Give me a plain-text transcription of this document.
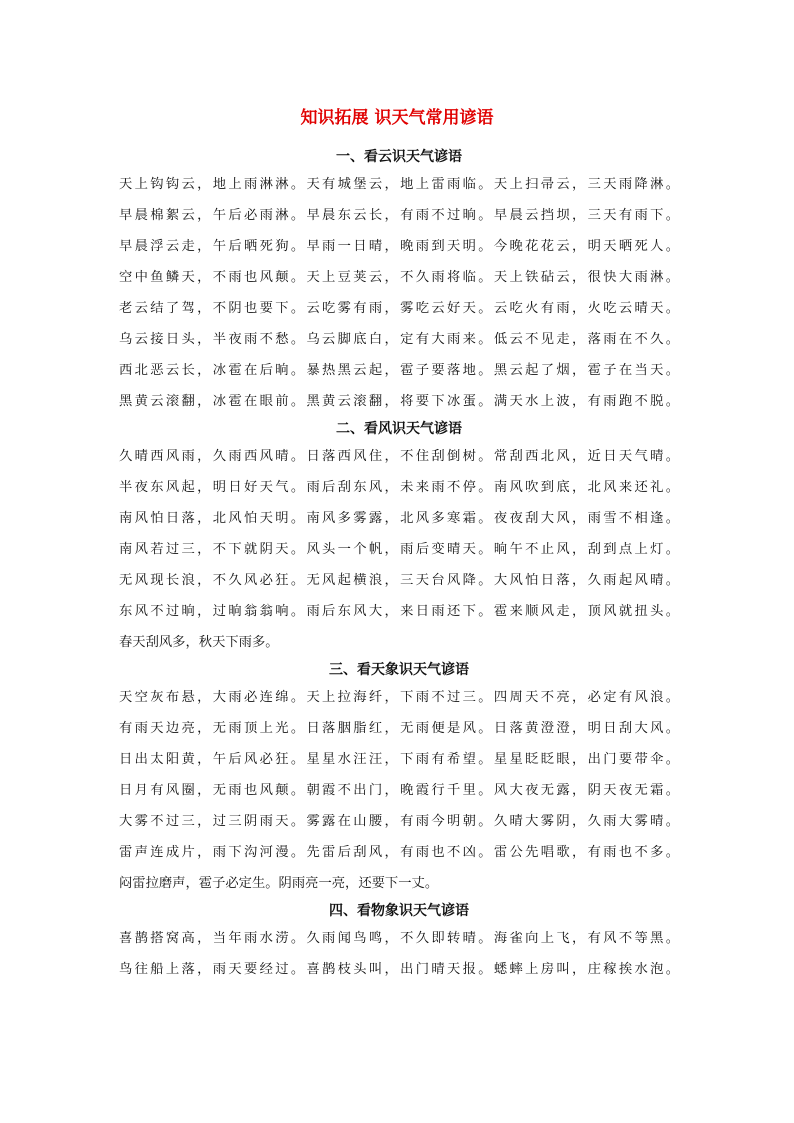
知识拓展 识天气常用谚语
一、看云识天气谚语
天上钩钩云，地上雨淋淋。天有城堡云，地上雷雨临。天上扫帚云，三天雨降淋。
早晨棉絮云，午后必雨淋。早晨东云长，有雨不过晌。早晨云挡坝，三天有雨下。
早晨浮云走，午后晒死狗。早雨一日晴，晚雨到天明。今晚花花云，明天晒死人。
空中鱼鳞天，不雨也风颠。天上豆荚云，不久雨将临。天上铁砧云，很快大雨淋。
老云结了驾，不阴也要下。云吃雾有雨，雾吃云好天。云吃火有雨，火吃云晴天。
乌云接日头，半夜雨不愁。乌云脚底白，定有大雨来。低云不见走，落雨在不久。
西北恶云长，冰雹在后晌。暴热黑云起，雹子要落地。黑云起了烟，雹子在当天。
黑黄云滚翻，冰雹在眼前。黑黄云滚翻，将要下冰蛋。满天水上波，有雨跑不脱。
二、看风识天气谚语
久晴西风雨，久雨西风晴。日落西风住，不住刮倒树。常刮西北风，近日天气晴。
半夜东风起，明日好天气。雨后刮东风，未来雨不停。南风吹到底，北风来还礼。
南风怕日落，北风怕天明。南风多雾露，北风多寒霜。夜夜刮大风，雨雪不相逢。
南风若过三，不下就阴天。风头一个帆，雨后变晴天。晌午不止风，刮到点上灯。
无风现长浪，不久风必狂。无风起横浪，三天台风降。大风怕日落，久雨起风晴。
东风不过晌，过晌翁翁响。雨后东风大，来日雨还下。雹来顺风走，顶风就扭头。
春天刮风多，秋天下雨多。
三、看天象识天气谚语
天空灰布悬，大雨必连绵。天上拉海纤，下雨不过三。四周天不亮，必定有风浪。
有雨天边亮，无雨顶上光。日落胭脂红，无雨便是风。日落黄澄澄，明日刮大风。
日出太阳黄，午后风必狂。星星水汪汪，下雨有希望。星星眨眨眼，出门要带伞。
日月有风圈，无雨也风颠。朝霞不出门，晚霞行千里。风大夜无露，阴天夜无霜。
大雾不过三，过三阴雨天。雾露在山腰，有雨今明朝。久晴大雾阴，久雨大雾晴。
雷声连成片，雨下沟河漫。先雷后刮风，有雨也不凶。雷公先唱歌，有雨也不多。
闷雷拉磨声，雹子必定生。阴雨亮一亮，还要下一丈。
四、看物象识天气谚语
喜鹊搭窝高，当年雨水涝。久雨闻鸟鸣，不久即转晴。海雀向上飞，有风不等黑。
鸟往船上落，雨天要经过。喜鹊枝头叫，出门晴天报。蟋蟀上房叫，庄稼挨水泡。
